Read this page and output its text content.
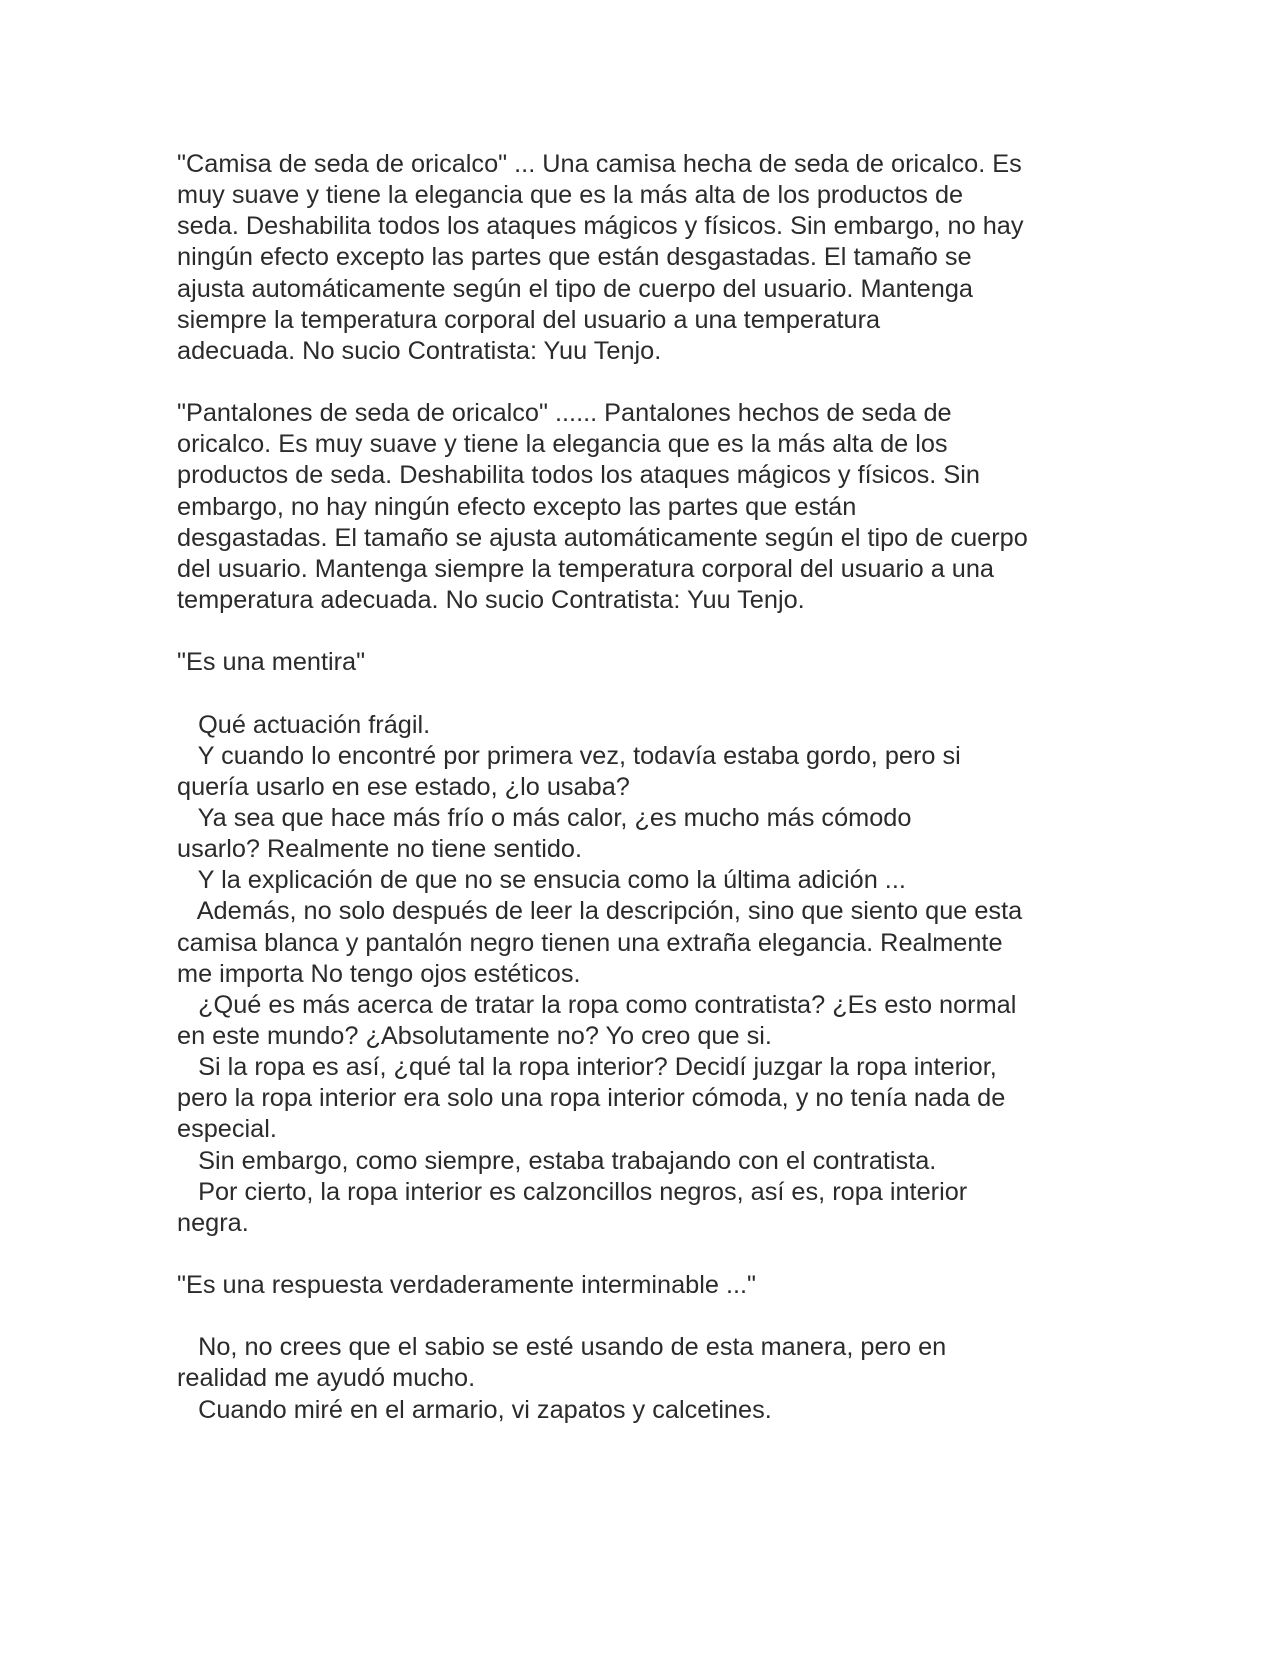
"Camisa de seda de oricalco" ... Una camisa hecha de seda de oricalco. Es
muy suave y tiene la elegancia que es la más alta de los productos de
seda. Deshabilita todos los ataques mágicos y físicos. Sin embargo, no hay
ningún efecto excepto las partes que están desgastadas. El tamaño se
ajusta automáticamente según el tipo de cuerpo del usuario. Mantenga
siempre la temperatura corporal del usuario a una temperatura
adecuada. No sucio Contratista: Yuu Tenjo.
"Pantalones de seda de oricalco" ...... Pantalones hechos de seda de
oricalco. Es muy suave y tiene la elegancia que es la más alta de los
productos de seda. Deshabilita todos los ataques mágicos y físicos. Sin
embargo, no hay ningún efecto excepto las partes que están
desgastadas. El tamaño se ajusta automáticamente según el tipo de cuerpo
del usuario. Mantenga siempre la temperatura corporal del usuario a una
temperatura adecuada. No sucio Contratista: Yuu Tenjo.
"Es una mentira"
Qué actuación frágil.
Y cuando lo encontré por primera vez, todavía estaba gordo, pero si
quería usarlo en ese estado, ¿lo usaba?
Ya sea que hace más frío o más calor, ¿es mucho más cómodo
usarlo? Realmente no tiene sentido.
Y la explicación de que no se ensucia como la última adición ...
Además, no solo después de leer la descripción, sino que siento que esta
camisa blanca y pantalón negro tienen una extraña elegancia. Realmente
me importa No tengo ojos estéticos.
¿Qué es más acerca de tratar la ropa como contratista? ¿Es esto normal
en este mundo? ¿Absolutamente no? Yo creo que si.
Si la ropa es así, ¿qué tal la ropa interior? Decidí juzgar la ropa interior,
pero la ropa interior era solo una ropa interior cómoda, y no tenía nada de
especial.
Sin embargo, como siempre, estaba trabajando con el contratista.
Por cierto, la ropa interior es calzoncillos negros, así es, ropa interior
negra.
"Es una respuesta verdaderamente interminable ..."
No, no crees que el sabio se esté usando de esta manera, pero en
realidad me ayudó mucho.
Cuando miré en el armario, vi zapatos y calcetines.
